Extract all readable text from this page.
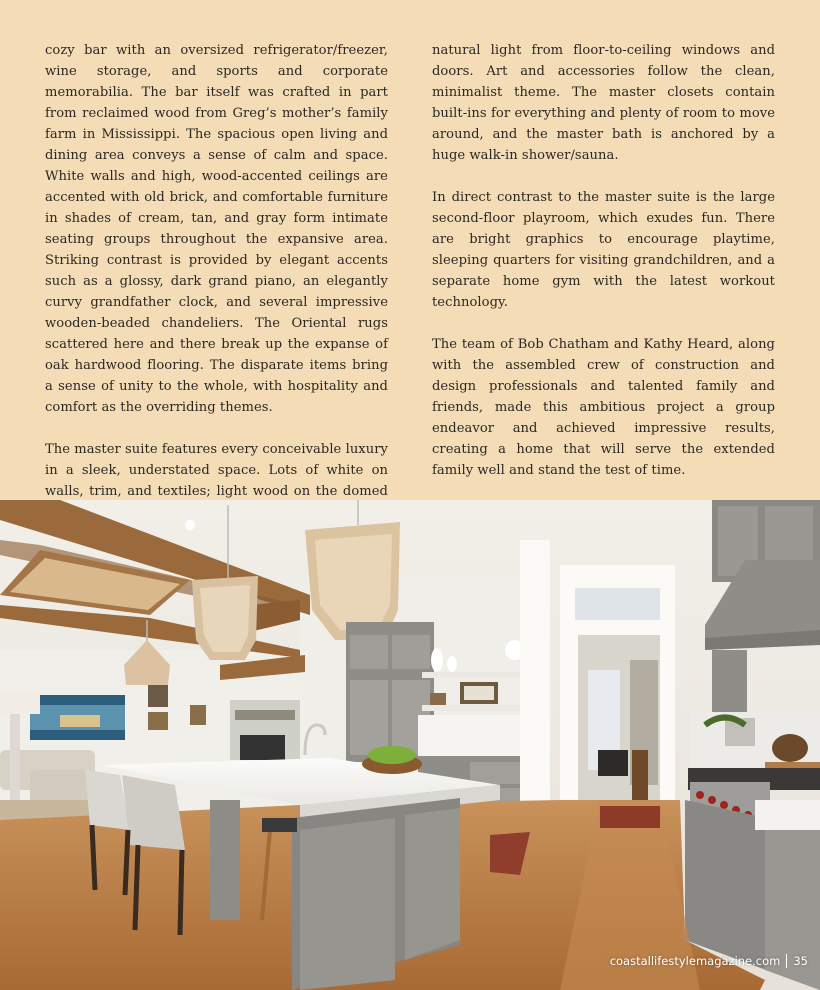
cozy bar with an oversized refrigerator/freezer, wine storage, and sports and corporate memorabilia. The bar itself was crafted in part from reclaimed wood from Greg’s mother’s family farm in Mississippi. The spacious open living and dining area conveys a sense of calm and space. White walls and high, wood-accented ceilings are accented with old brick, and comfortable furniture in shades of cream, tan, and gray form intimate seating groups throughout the expansive area. Striking contrast is provided by elegant accents such as a glossy, dark grand piano, an elegantly curvy grandfather clock, and several impressive wooden-beaded chandeliers. The Oriental rugs scattered here and there break up the expanse of oak hardwood flooring. The disparate items bring a sense of unity to the whole, with hospitality and comfort as the overriding themes.

The master suite features every conceivable luxury in a sleek, understated space. Lots of white on walls, trim, and textiles; light wood on the domed

natural light from floor-to-ceiling windows and doors. Art and accessories follow the clean, minimalist theme. The master closets contain built-ins for everything and plenty of room to move around, and the master bath is anchored by a huge walk-in shower/sauna.

In direct contrast to the master suite is the large second-floor playroom, which exudes fun. There are bright graphics to encourage playtime, sleeping quarters for visiting grandchildren, and a separate home gym with the latest workout technology.

The team of Bob Chatham and Kathy Heard, along with the assembled crew of construction and design professionals and talented family and friends, made this ambitious project a group endeavor and achieved impressive results, creating a home that will serve the extended family well and stand the test of time.

coastallifestylemagazine.com 35
